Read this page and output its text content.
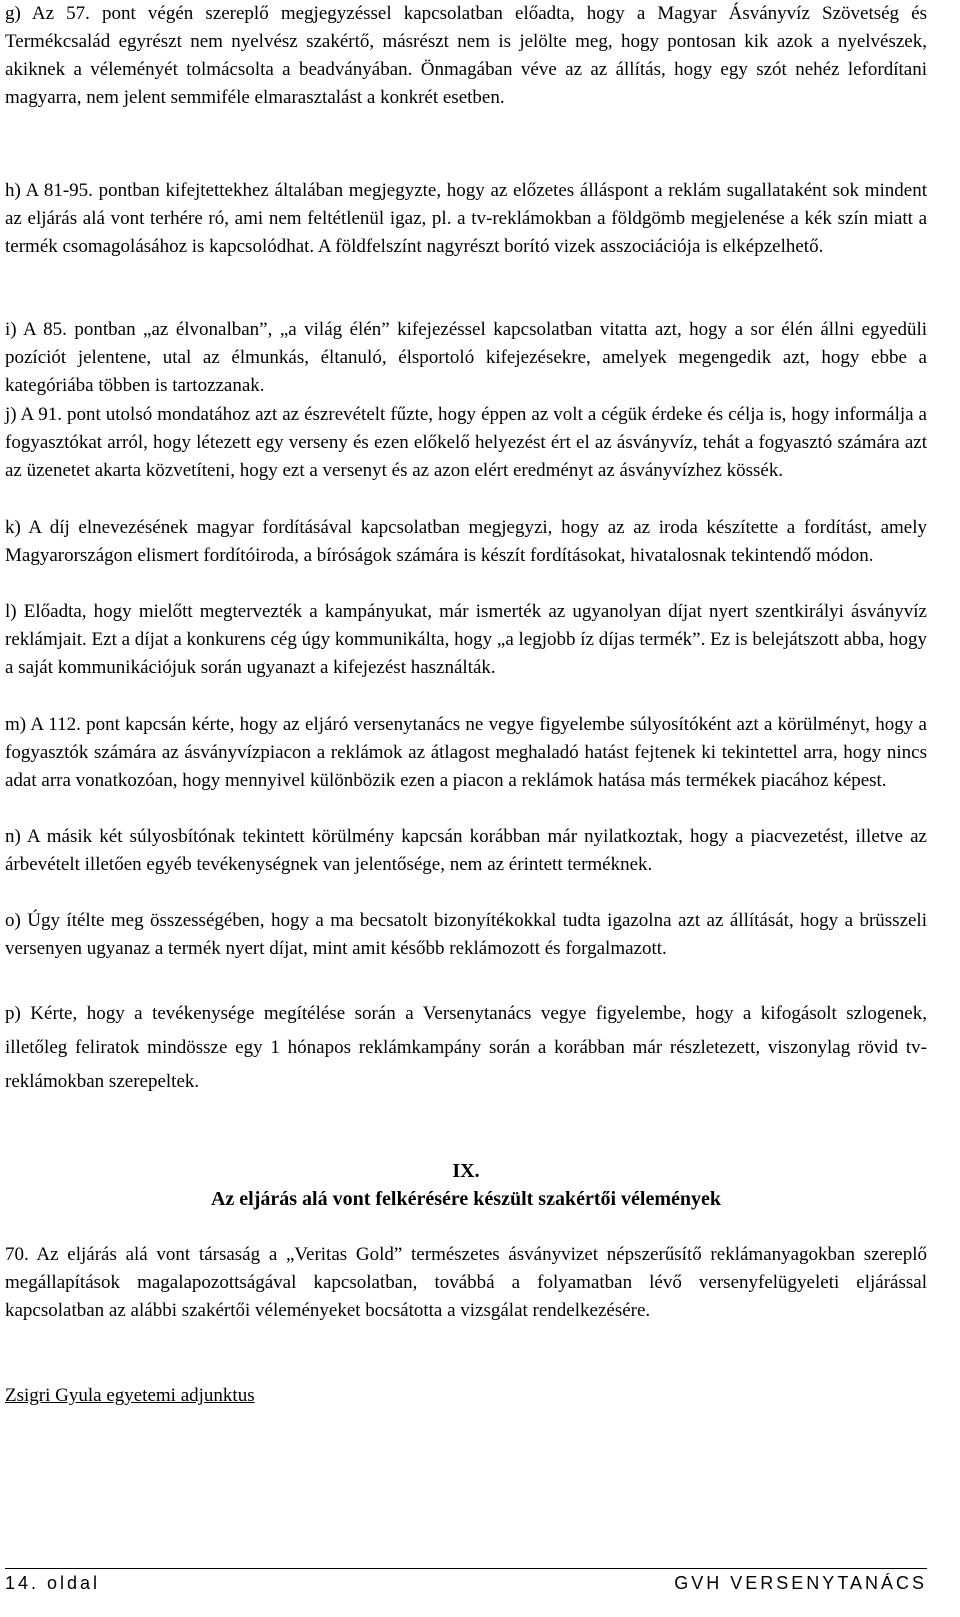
g) Az 57. pont végén szereplő megjegyzéssel kapcsolatban előadta, hogy a Magyar Ásványvíz Szövetség és Termékcsalád egyrészt nem nyelvész szakértő, másrészt nem is jelölte meg, hogy pontosan kik azok a nyelvészek, akiknek a véleményét tolmácsolta a beadványában. Önmagában véve az az állítás, hogy egy szót nehéz lefordítani magyarra, nem jelent semmiféle elmarasztalást a konkrét esetben.

h) A 81-95. pontban kifejtettekhez általában megjegyzte, hogy az előzetes álláspont a reklám sugallataként sok mindent az eljárás alá vont terhére ró, ami nem feltétlenül igaz, pl. a tv-reklámokban a földgömb megjelenése a kék szín miatt a termék csomagolásához is kapcsolódhat. A földfelszínt nagyrészt borító vizek asszociációja is elképzelhető.

i) A 85. pontban „az élvonalban”, „a világ élén” kifejezéssel kapcsolatban vitatta azt, hogy a sor élén állni egyedüli pozíciót jelentene, utal az élmunkás, éltanuló, élsportoló kifejezésekre, amelyek megengedik azt, hogy ebbe a kategóriába többen is tartozzanak.

j) A 91. pont utolsó mondatához azt az észrevételt fűzte, hogy éppen az volt a cégük érdeke és célja is, hogy informálja a fogyasztókat arról, hogy létezett egy verseny és ezen előkelő helyezést ért el az ásványvíz, tehát a fogyasztó számára azt az üzenetet akarta közvetíteni, hogy ezt a versenyt és az azon elért eredményt az ásványvízhez kössék.

k) A díj elnevezésének magyar fordításával kapcsolatban megjegyzi, hogy az az iroda készítette a fordítást, amely Magyarországon elismert fordítóiroda, a bíróságok számára is készít fordításokat, hivatalosnak tekintendő módon.

l) Előadta, hogy mielőtt megtervezték a kampányukat, már ismerték az ugyanolyan díjat nyert szentkirályi ásványvíz reklámjait. Ezt a díjat a konkurens cég úgy kommunikálta, hogy „a legjobb íz díjas termék”. Ez is belejátszott abba, hogy a saját kommunikációjuk során ugyanazt a kifejezést használták.

m) A 112. pont kapcsán kérte, hogy az eljáró versenytanács ne vegye figyelembe súlyosítóként azt a körülményt, hogy a fogyasztók számára az ásványvízpiacon a reklámok az átlagost meghaladó hatást fejtenek ki tekintettel arra, hogy nincs adat arra vonatkozóan, hogy mennyivel különbözik ezen a piacon a reklámok hatása más termékek piacához képest.

n) A másik két súlyosbítónak tekintett körülmény kapcsán korábban már nyilatkoztak, hogy a piacvezetést, illetve az árbevételt illetően egyéb tevékenységnek van jelentősége, nem az érintett terméknek.

o) Úgy ítélte meg összességében, hogy a ma becsatolt bizonyítékokkal tudta igazolna azt az állítását, hogy a brüsszeli versenyen ugyanaz a termék nyert díjat, mint amit később reklámozott és forgalmazott.

p) Kérte, hogy a tevékenysége megítélése során a Versenytanács vegye figyelembe, hogy a kifogásolt szlogenek, illetőleg feliratok mindössze egy 1 hónapos reklámkampány során a korábban már részletezett, viszonylag rövid tv-reklámokban szerepeltek.

IX.
Az eljárás alá vont felkérésére készült szakértői vélemények

70. Az eljárás alá vont társaság a „Veritas Gold” természetes ásványvizet népszerűsítő reklámanyagokban szereplő megállapítások magalapozottságával kapcsolatban, továbbá a folyamatban lévő versenyfelügyeleti eljárással kapcsolatban az alábbi szakértői véleményeket bocsátotta a vizsgálat rendelkezésére.

Zsigri Gyula egyetemi adjunktus
14. oldal	GVH VERSENYTANÁCS
